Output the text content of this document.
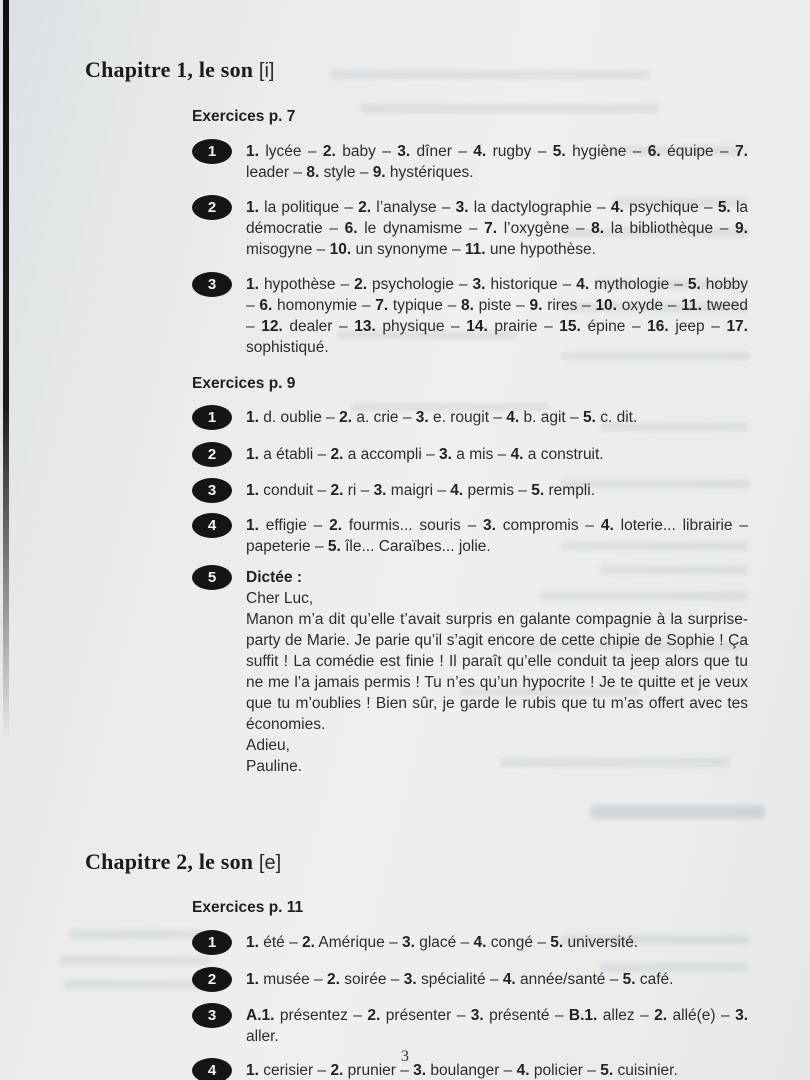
Chapitre 1, le son [i]
Exercices p. 7
1	1. lycée – 2. baby – 3. dîner – 4. rugby – 5. hygiène – 6. équipe – 7. leader – 8. style – 9. hystériques.

2	1. la politique – 2. l’analyse – 3. la dactylographie – 4. psychique – 5. la démocratie – 6. le dynamisme – 7. l’oxygène – 8. la bibliothèque – 9. misogyne – 10. un synonyme – 11. une hypothèse.

3	1. hypothèse – 2. psychologie – 3. historique – 4. mythologie – 5. hobby – 6. homonymie – 7. typique – 8. piste – 9. rires – 10. oxyde – 11. tweed – 12. dealer – 13. physique – 14. prairie – 15. épine – 16. jeep – 17. sophistiqué.

Exercices p. 9
1	1. d. oublie – 2. a. crie – 3. e. rougit – 4. b. agit – 5. c. dit.

2	1. a établi – 2. a accompli – 3. a mis – 4. a construit.

3	1. conduit – 2. ri – 3. maigri – 4. permis – 5. rempli.

4	1. effigie – 2. fourmis... souris – 3. compromis – 4. loterie... librairie – papeterie – 5. île... Caraïbes... jolie.

5	Dictée :
Cher Luc,
Manon m’a dit qu’elle t’avait surpris en galante compagnie à la surprise-party de Marie. Je parie qu’il s’agit encore de cette chipie de Sophie ! Ça suffit ! La comédie est finie ! Il paraît qu’elle conduit ta jeep alors que tu ne me l’a jamais permis ! Tu n’es qu’un hypocrite ! Je te quitte et je veux que tu m’oublies ! Bien sûr, je garde le rubis que tu m’as offert avec tes économies.
Adieu,
Pauline.
Chapitre 2, le son [e]
Exercices p. 11
1	1. été – 2. Amérique – 3. glacé – 4. congé – 5. université.

2	1. musée – 2. soirée – 3. spécialité – 4. année/santé – 5. café.

3	A.1. présentez – 2. présenter – 3. présenté – B.1. allez – 2. allé(e) – 3. aller.

4	1. cerisier – 2. prunier – 3. boulanger – 4. policier – 5. cuisinier.

3
